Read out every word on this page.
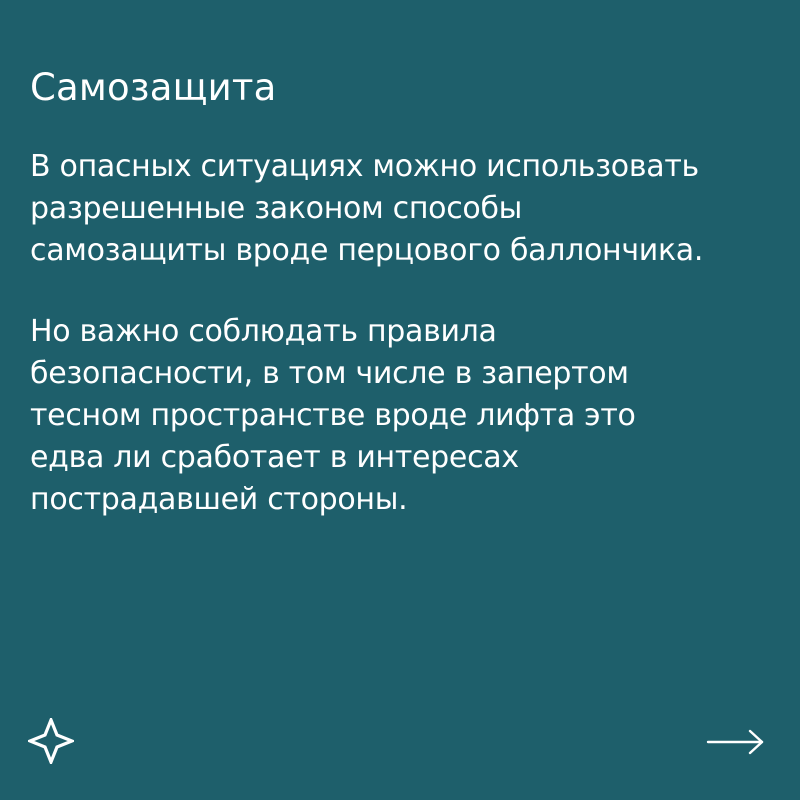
Самозащита

В опасных ситуациях можно использовать
разрешенные законом способы
самозащиты вроде перцового баллончика.

Но важно соблюдать правила
безопасности, в том числе в запертом
тесном пространстве вроде лифта это
едва ли сработает в интересах
пострадавшей стороны.
